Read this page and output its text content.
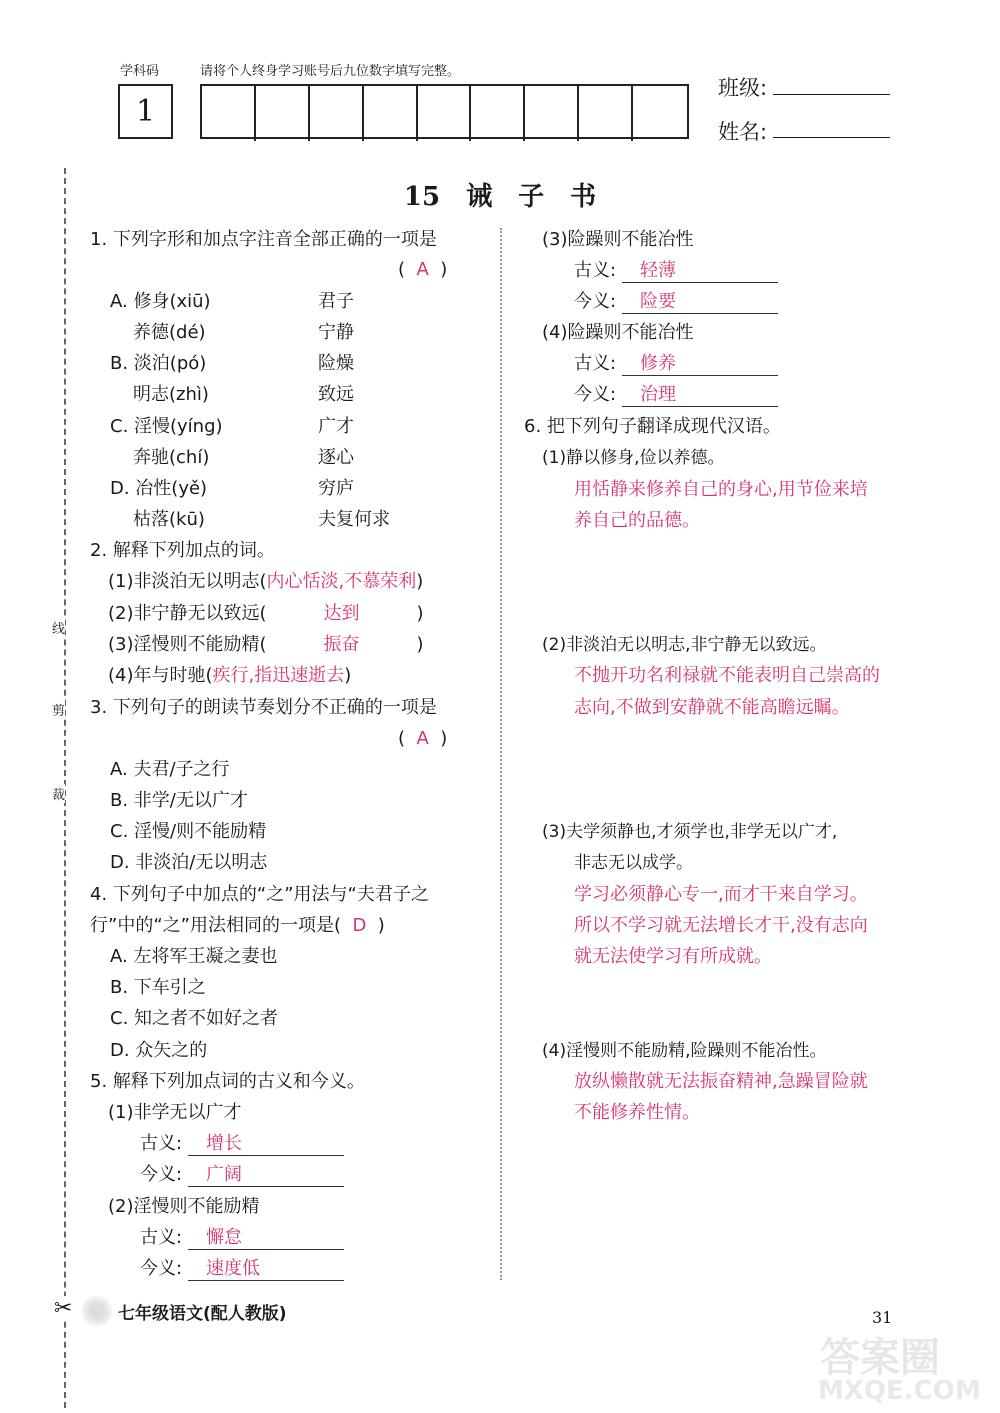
学科码	请将个人终身学习账号后九位数字填写完整。
1
班级:
姓名:
线
剪
裁
✂
15　诫　子　书
1. 下列字形和加点字注音全部正确的一项是
(  A  )
A. 修身(xiū)	君子
养德(dé)	宁静
B. 淡泊(pó)	险燥
明志(zhì)	致远
C. 淫慢(yíng)	广才
奔驰(chí)	逐心
D. 冶性(yě)	穷庐
枯落(kū)	夫复何求
2. 解释下列加点的词。
(1)非淡泊无以明志(内心恬淡,不慕荣利)
(2)非宁静无以致远(	达到	)
(3)淫慢则不能励精(	振奋	)
(4)年与时驰(疾行,指迅速逝去)
3. 下列句子的朗读节奏划分不正确的一项是
(  A  )
A. 夫君/子之行
B. 非学/无以广才
C. 淫慢/则不能励精
D. 非淡泊/无以明志
4. 下列句子中加点的“之”用法与“夫君子之
行”中的“之”用法相同的一项是( D )
A. 左将军王凝之妻也
B. 下车引之
C. 知之者不如好之者
D. 众矢之的
5. 解释下列加点词的古义和今义。
(1)非学无以广才
古义:	增长
今义:	广阔
(2)淫慢则不能励精
古义:	懈怠
今义:	速度低
(3)险躁则不能冶性
古义:	轻薄
今义:	险要
(4)险躁则不能冶性
古义:	修养
今义:	治理
6. 把下列句子翻译成现代汉语。
(1)静以修身,俭以养德。
用恬静来修养自己的身心,用节俭来培
养自己的品德。
(2)非淡泊无以明志,非宁静无以致远。
不抛开功名利禄就不能表明自己崇高的
志向,不做到安静就不能高瞻远瞩。
(3)夫学须静也,才须学也,非学无以广才,
非志无以成学。
学习必须静心专一,而才干来自学习。
所以不学习就无法增长才干,没有志向
就无法使学习有所成就。
(4)淫慢则不能励精,险躁则不能冶性。
放纵懒散就无法振奋精神,急躁冒险就
不能修养性情。
七年级语文(配人教版)	31
答案圈
MXQE.COM
